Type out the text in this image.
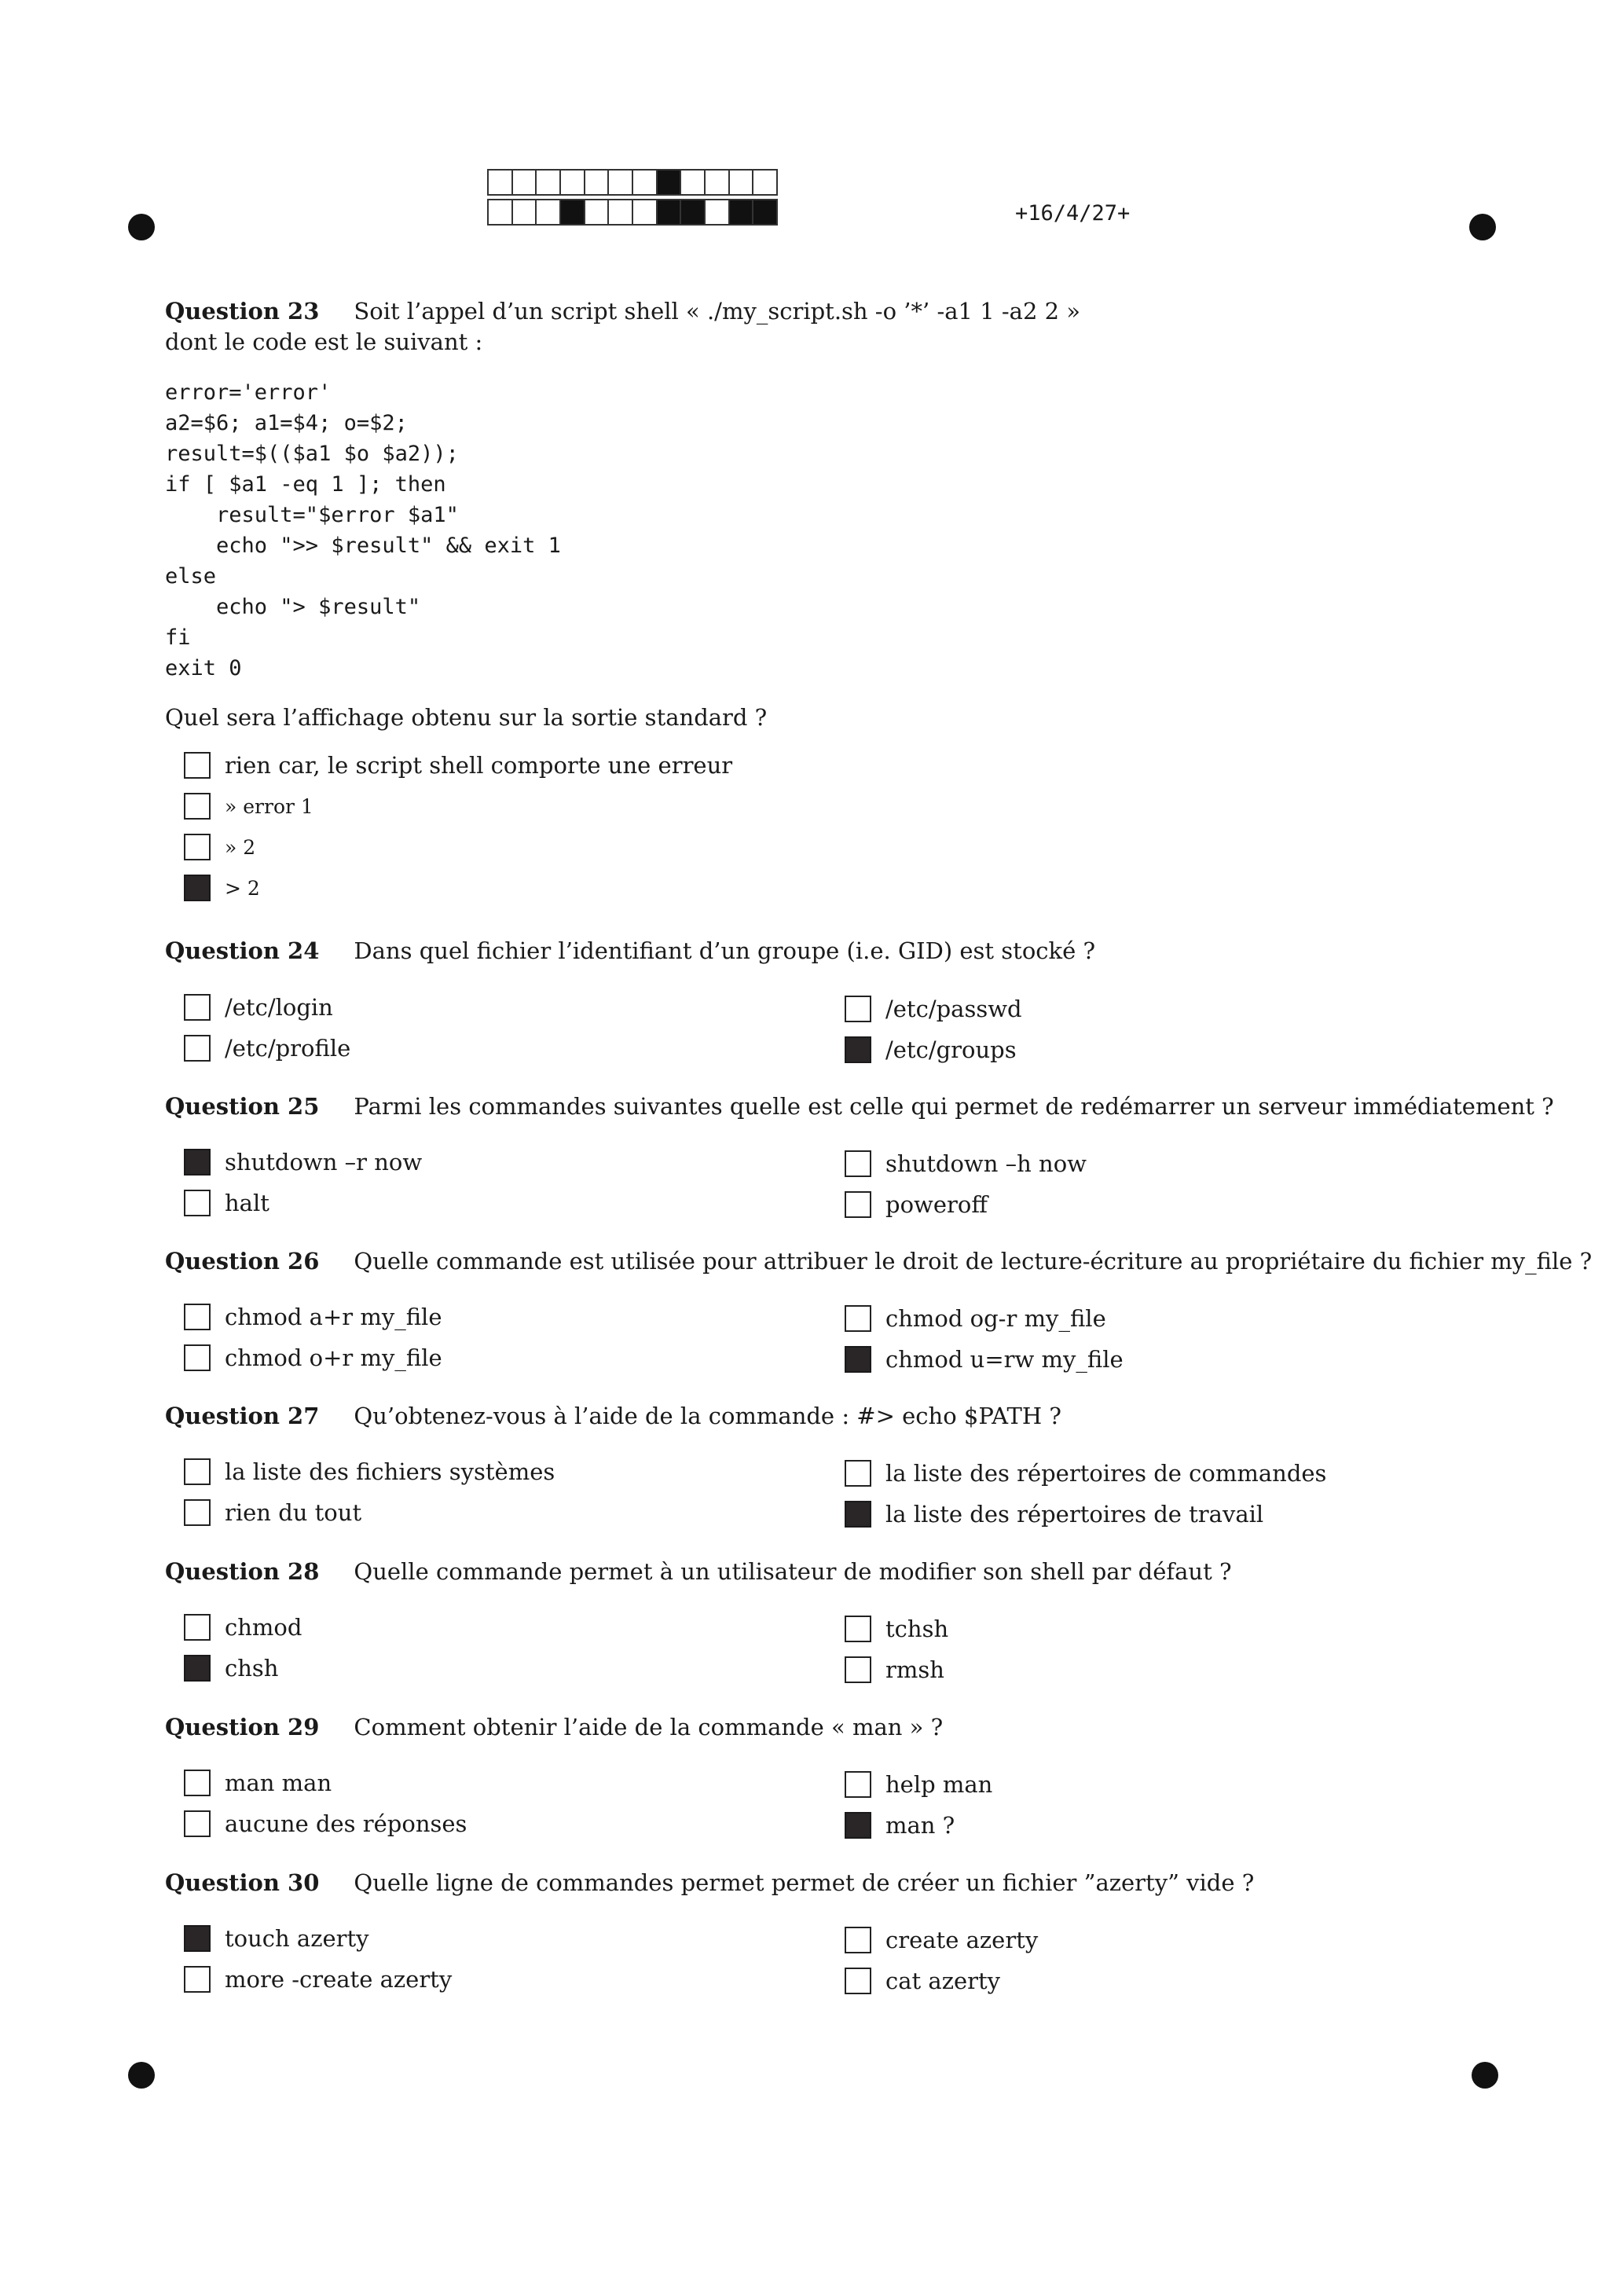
+16/4/27+
Question 23 Soit l’appel d’un script shell « ./my_script.sh -o ’*’ -a1 1 -a2 2 »
dont le code est le suivant :
error='error'
a2=$6; a1=$4; o=$2;
result=$(($a1 $o $a2));
if [ $a1 -eq 1 ]; then
result="$error $a1"
echo ">> $result" && exit 1
else
echo "> $result"
fi
exit 0
Quel sera l’affichage obtenu sur la sortie standard ?
rien car, le script shell comporte une erreur
» error 1
» 2
> 2
Question 24 Dans quel fichier l’identifiant d’un groupe (i.e. GID) est stocké ?
/etc/login
/etc/profile
/etc/passwd
/etc/groups
Question 25 Parmi les commandes suivantes quelle est celle qui permet de redémarrer un serveur immédiatement ?
shutdown –r now
halt
shutdown –h now
poweroff
Question 26 Quelle commande est utilisée pour attribuer le droit de lecture-écriture au propriétaire du fichier my_file ?
chmod a+r my_file
chmod o+r my_file
chmod og-r my_file
chmod u=rw my_file
Question 27 Qu’obtenez-vous à l’aide de la commande : #> echo $PATH ?
la liste des fichiers systèmes
rien du tout
la liste des répertoires de commandes
la liste des répertoires de travail
Question 28 Quelle commande permet à un utilisateur de modifier son shell par défaut ?
chmod
chsh
tchsh
rmsh
Question 29 Comment obtenir l’aide de la commande « man » ?
man man
aucune des réponses
help man
man ?
Question 30 Quelle ligne de commandes permet permet de créer un fichier ”azerty” vide ?
touch azerty
more -create azerty
create azerty
cat azerty
